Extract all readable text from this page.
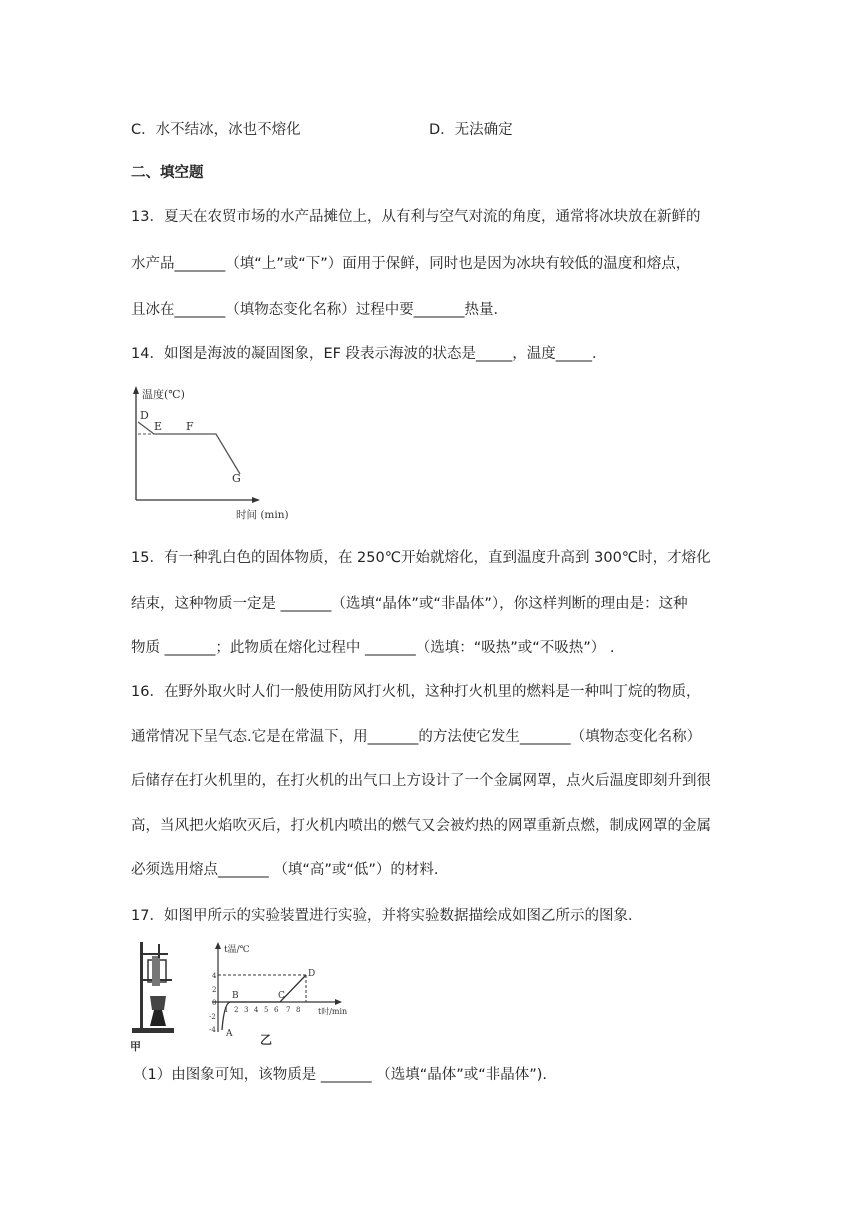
C．水不结冰，冰也不熔化	D．无法确定
二、填空题
13．夏天在农贸市场的水产品摊位上，从有利与空气对流的角度，通常将冰块放在新鲜的
水产品_______（填“上”或“下”）面用于保鲜，同时也是因为冰块有较低的温度和熔点，
且冰在_______（填物态变化名称）过程中要_______热量．
14．如图是海波的凝固图象，EF 段表示海波的状态是_____，温度_____．
温度(℃)
时间 (min)
D
E F
G
15．有一种乳白色的固体物质，在 250℃开始就熔化，直到温度升高到 300℃时，才熔化
结束，这种物质一定是 _______（选填“晶体”或“非晶体”），你这样判断的理由是：这种
物质 _______；此物质在熔化过程中 _______（选填：“吸热”或“不吸热”） .
16．在野外取火时人们一般使用防风打火机，这种打火机里的燃料是一种叫丁烷的物质，
通常情况下呈气态.它是在常温下，用_______的方法使它发生_______（填物态变化名称）
后储存在打火机里的，在打火机的出气口上方设计了一个金属网罩，点火后温度即刻升到很
高，当风把火焰吹灭后，打火机内喷出的燃气又会被灼热的网罩重新点燃，制成网罩的金属
必须选用熔点_______ （填“高”或“低”）的材料.
17．如图甲所示的实验装置进行实验，并将实验数据描绘成如图乙所示的图象．
甲
t温/℃
t时/min
4
2
0
-2
-4
1 2 3 4 5 6 7 8
A
B	C
D
乙
（1）由图象可知，该物质是 _______ （选填“晶体”或“非晶体”).
